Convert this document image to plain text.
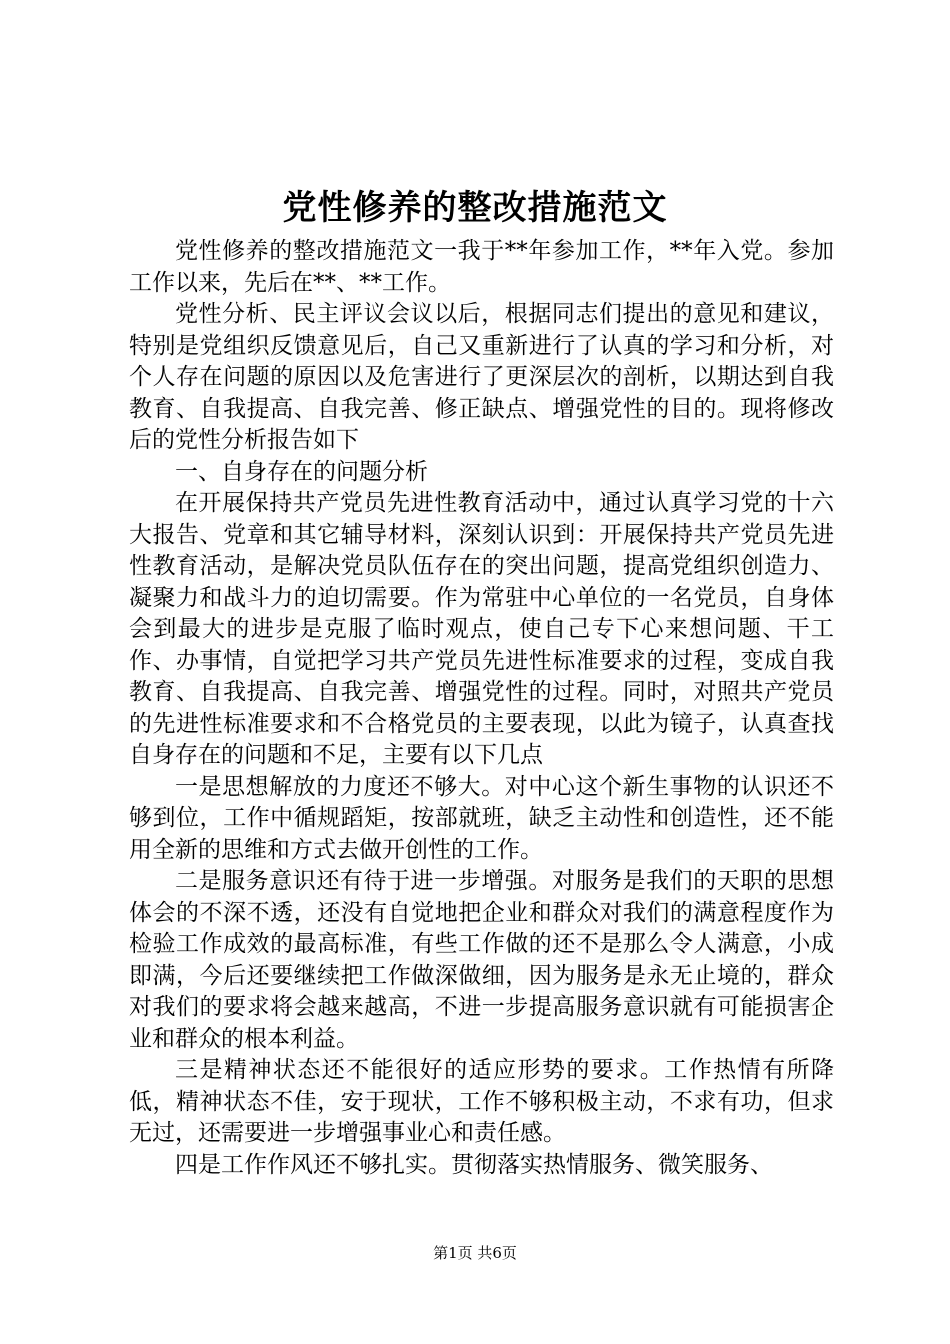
党性修养的整改措施范文

党性修养的整改措施范文一我于**年参加工作，**年入党。参加工作以来，先后在**、**工作。

党性分析、民主评议会议以后，根据同志们提出的意见和建议，特别是党组织反馈意见后，自己又重新进行了认真的学习和分析，对个人存在问题的原因以及危害进行了更深层次的剖析，以期达到自我教育、自我提高、自我完善、修正缺点、增强党性的目的。现将修改后的党性分析报告如下

一、自身存在的问题分析

在开展保持共产党员先进性教育活动中，通过认真学习党的十六大报告、党章和其它辅导材料，深刻认识到：开展保持共产党员先进性教育活动，是解决党员队伍存在的突出问题，提高党组织创造力、凝聚力和战斗力的迫切需要。作为常驻中心单位的一名党员，自身体会到最大的进步是克服了临时观点，使自己专下心来想问题、干工作、办事情，自觉把学习共产党员先进性标准要求的过程，变成自我教育、自我提高、自我完善、增强党性的过程。同时，对照共产党员的先进性标准要求和不合格党员的主要表现，以此为镜子，认真查找自身存在的问题和不足，主要有以下几点

一是思想解放的力度还不够大。对中心这个新生事物的认识还不够到位，工作中循规蹈矩，按部就班，缺乏主动性和创造性，还不能用全新的思维和方式去做开创性的工作。

二是服务意识还有待于进一步增强。对服务是我们的天职的思想体会的不深不透，还没有自觉地把企业和群众对我们的满意程度作为检验工作成效的最高标准，有些工作做的还不是那么令人满意，小成即满，今后还要继续把工作做深做细，因为服务是永无止境的，群众对我们的要求将会越来越高，不进一步提高服务意识就有可能损害企业和群众的根本利益。

三是精神状态还不能很好的适应形势的要求。工作热情有所降低，精神状态不佳，安于现状，工作不够积极主动，不求有功，但求无过，还需要进一步增强事业心和责任感。

四是工作作风还不够扎实。贯彻落实热情服务、微笑服务、

第1页 共6页
